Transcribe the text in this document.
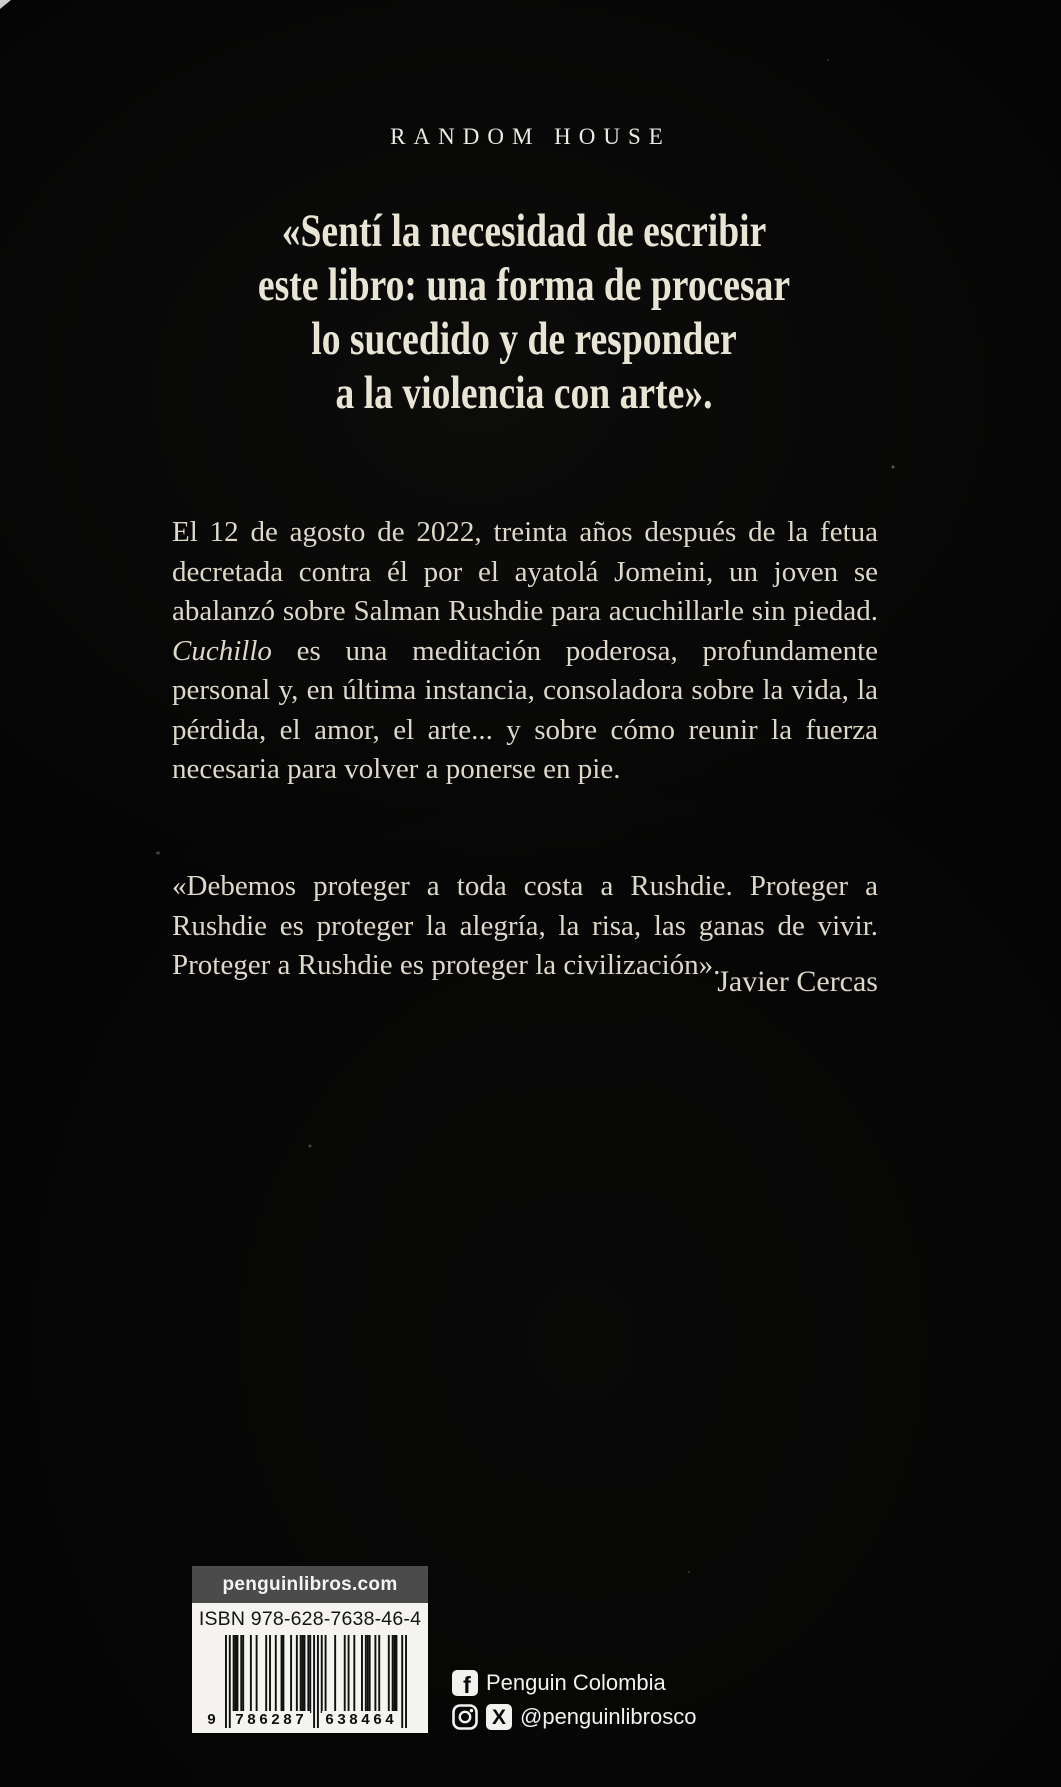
RANDOM HOUSE
«Sentí la necesidad de escribir
este libro: una forma de procesar
lo sucedido y de responder
a la violencia con arte».

El 12 de agosto de 2022, treinta años después de la fetua decretada contra él por el ayatolá Jomeini, un joven se abalanzó sobre Salman Rushdie para acuchillarle sin piedad. Cuchillo es una meditación poderosa, profundamente personal y, en última instancia, consoladora sobre la vida, la pérdida, el amor, el arte... y sobre cómo reunir la fuerza necesaria para volver a ponerse en pie.

«Debemos proteger a toda costa a Rushdie. Proteger a Rushdie es proteger la alegría, la risa, las ganas de vivir. Proteger a Rushdie es proteger la civilización».

Javier Cercas
penguinlibros.com
ISBN 978-628-7638-46-4
9 786287 638464
f Penguin Colombia
X @penguinlibrosco
